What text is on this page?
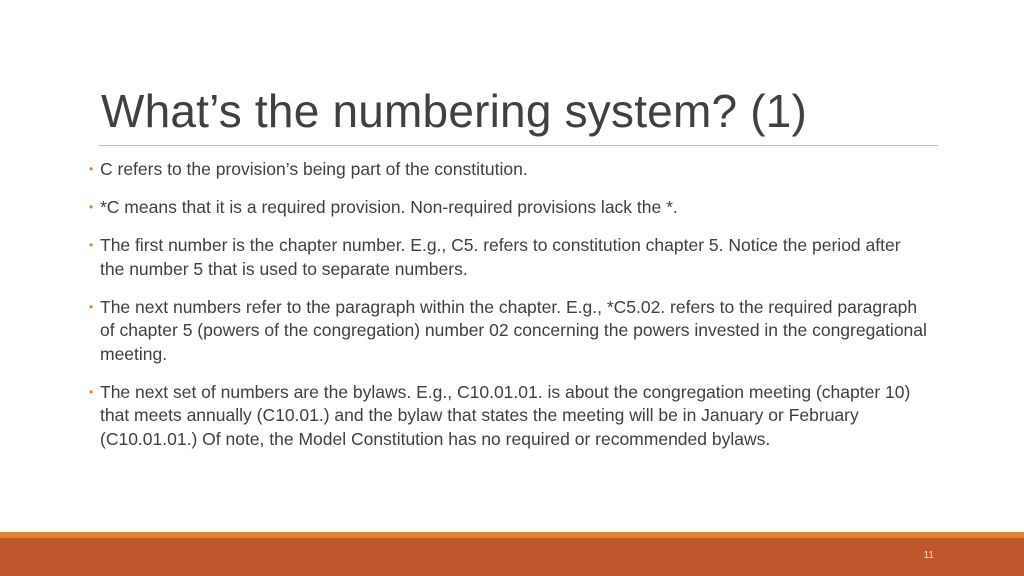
What’s the numbering system? (1)
• C refers to the provision’s being part of the constitution.
• *C means that it is a required provision. Non-required provisions lack the *.
• The first number is the chapter number. E.g., C5. refers to constitution chapter 5. Notice the period after the number 5 that is used to separate numbers.
• The next numbers refer to the paragraph within the chapter. E.g., *C5.02. refers to the required paragraph of chapter 5 (powers of the congregation) number 02 concerning the powers invested in the congregational meeting.
• The next set of numbers are the bylaws. E.g., C10.01.01. is about the congregation meeting (chapter 10) that meets annually (C10.01.) and the bylaw that states the meeting will be in January or February (C10.01.01.) Of note, the Model Constitution has no required or recommended bylaws.
11
